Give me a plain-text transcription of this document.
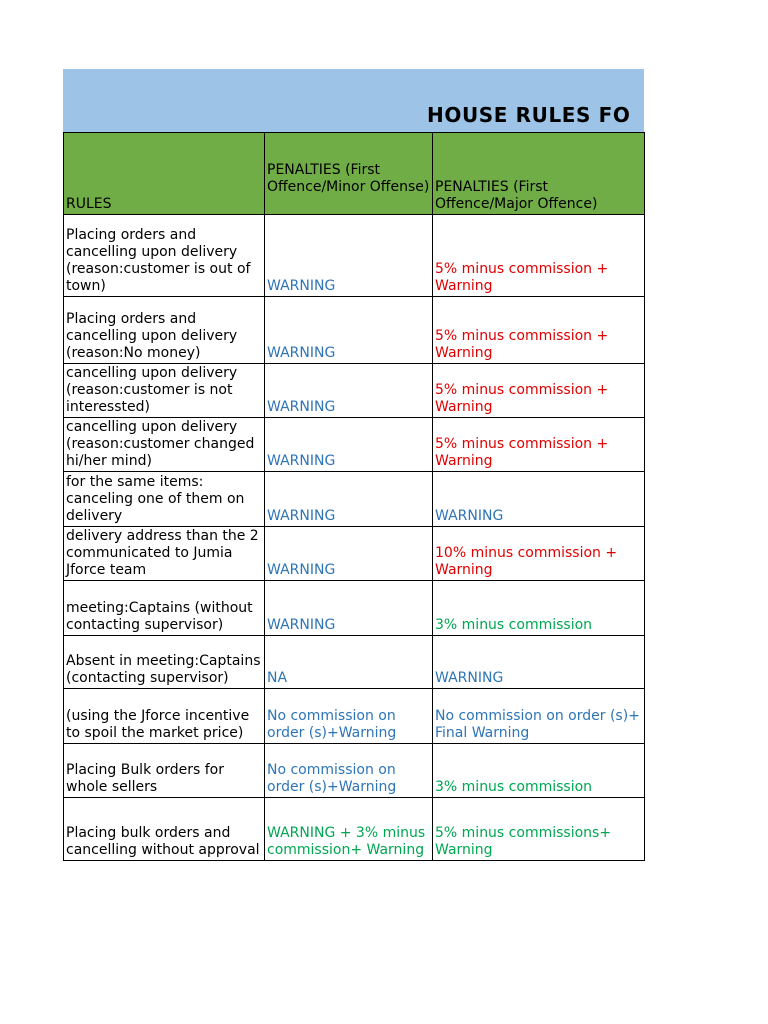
HOUSE RULES FO
RULES	PENALTIES (First Offence/Minor Offense)	PENALTIES (First Offence/Major Offence)

Placing orders and cancelling upon delivery (reason:customer is out of town)	WARNING	5% minus commission + Warning

Placing orders and cancelling upon delivery (reason:No money)	WARNING	5% minus commission + Warning

cancelling upon delivery (reason:customer is not interessted)	WARNING	5% minus commission + Warning

cancelling upon delivery (reason:customer changed hi/her mind)	WARNING	5% minus commission + Warning

for the same items: canceling one of them on delivery	WARNING	WARNING

delivery address than the 2 communicated to Jumia Jforce team	WARNING	10% minus commission + Warning

meeting:Captains (without contacting supervisor)	WARNING	3% minus commission

Absent in meeting:Captains (contacting supervisor)	NA	WARNING

(using the Jforce incentive to spoil the market price)	No commission on order (s)+Warning	No commission on order (s)+ Final Warning

Placing Bulk orders for whole sellers	No commission on order (s)+Warning	3% minus commission

Placing bulk orders and cancelling without approval	WARNING + 3% minus commission+ Warning	5% minus commissions+ Warning
